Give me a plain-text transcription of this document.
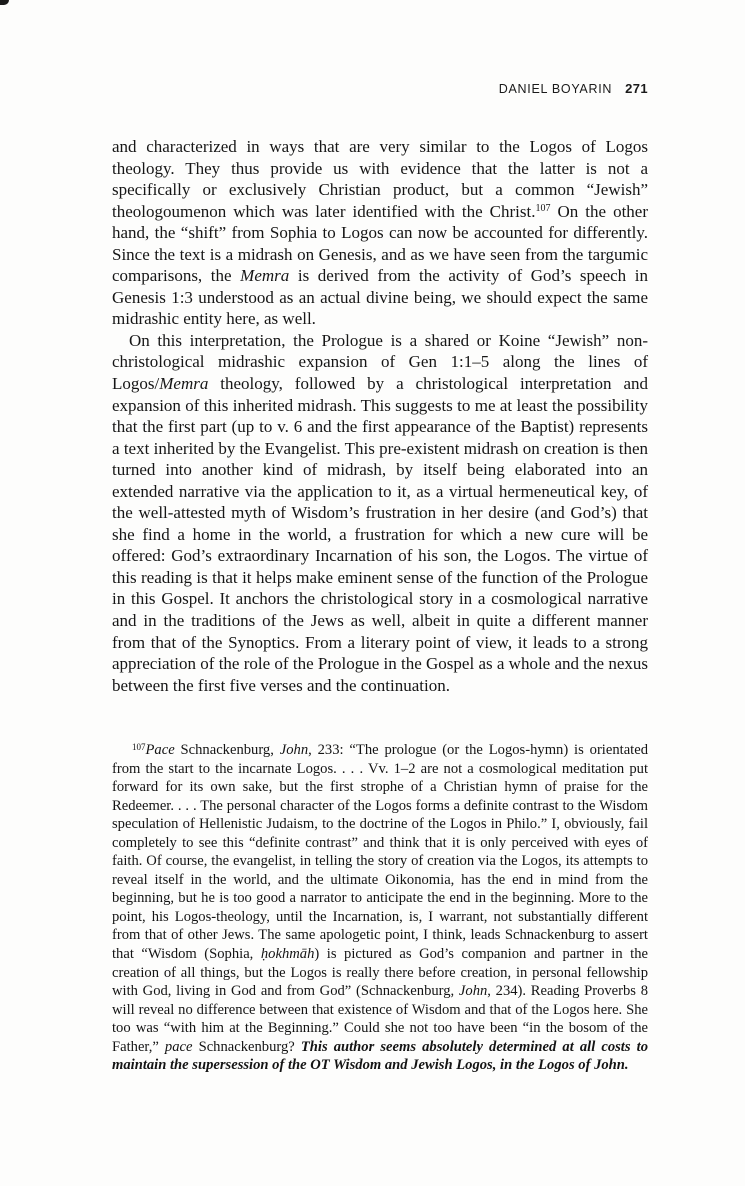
DANIEL BOYARIN 271

and characterized in ways that are very similar to the Logos of Logos theology. They thus provide us with evidence that the latter is not a specifically or exclusively Christian product, but a common “Jewish” theologoumenon which was later identified with the Christ.$^{107}$ On the other hand, the “shift” from Sophia to Logos can now be accounted for differently. Since the text is a midrash on Genesis, and as we have seen from the targumic comparisons, the Memra is derived from the activity of God’s speech in Genesis 1:3 understood as an actual divine being, we should expect the same midrashic entity here, as well.

On this interpretation, the Prologue is a shared or Koine “Jewish” non-christological midrashic expansion of Gen 1:1–5 along the lines of Logos/Memra theology, followed by a christological interpretation and expansion of this inherited midrash. This suggests to me at least the possibility that the first part (up to v. 6 and the first appearance of the Baptist) represents a text inherited by the Evangelist. This pre-existent midrash on creation is then turned into another kind of midrash, by itself being elaborated into an extended narrative via the application to it, as a virtual hermeneutical key, of the well-attested myth of Wisdom’s frustration in her desire (and God’s) that she find a home in the world, a frustration for which a new cure will be offered: God’s extraordinary Incarnation of his son, the Logos. The virtue of this reading is that it helps make eminent sense of the function of the Prologue in this Gospel. It anchors the christological story in a cosmological narrative and in the traditions of the Jews as well, albeit in quite a different manner from that of the Synoptics. From a literary point of view, it leads to a strong appreciation of the role of the Prologue in the Gospel as a whole and the nexus between the first five verses and the continuation.

$^{107}$Pace Schnackenburg, John, 233: “The prologue (or the Logos-hymn) is orientated from the start to the incarnate Logos. . . . Vv. 1–2 are not a cosmological meditation put forward for its own sake, but the first strophe of a Christian hymn of praise for the Redeemer. . . . The personal character of the Logos forms a definite contrast to the Wisdom speculation of Hellenistic Judaism, to the doctrine of the Logos in Philo.” I, obviously, fail completely to see this “definite contrast” and think that it is only perceived with eyes of faith. Of course, the evangelist, in telling the story of creation via the Logos, its attempts to reveal itself in the world, and the ultimate Oikonomia, has the end in mind from the beginning, but he is too good a narrator to anticipate the end in the beginning. More to the point, his Logos-theology, until the Incarnation, is, I warrant, not substantially different from that of other Jews. The same apologetic point, I think, leads Schnackenburg to assert that “Wisdom (Sophia, ḥokhmāh) is pictured as God’s companion and partner in the creation of all things, but the Logos is really there before creation, in personal fellowship with God, living in God and from God” (Schnackenburg, John, 234). Reading Proverbs 8 will reveal no difference between that existence of Wisdom and that of the Logos here. She too was “with him at the Beginning.” Could she not too have been “in the bosom of the Father,” pace Schnackenburg? This author seems absolutely determined at all costs to maintain the supersession of the OT Wisdom and Jewish Logos, in the Logos of John.
